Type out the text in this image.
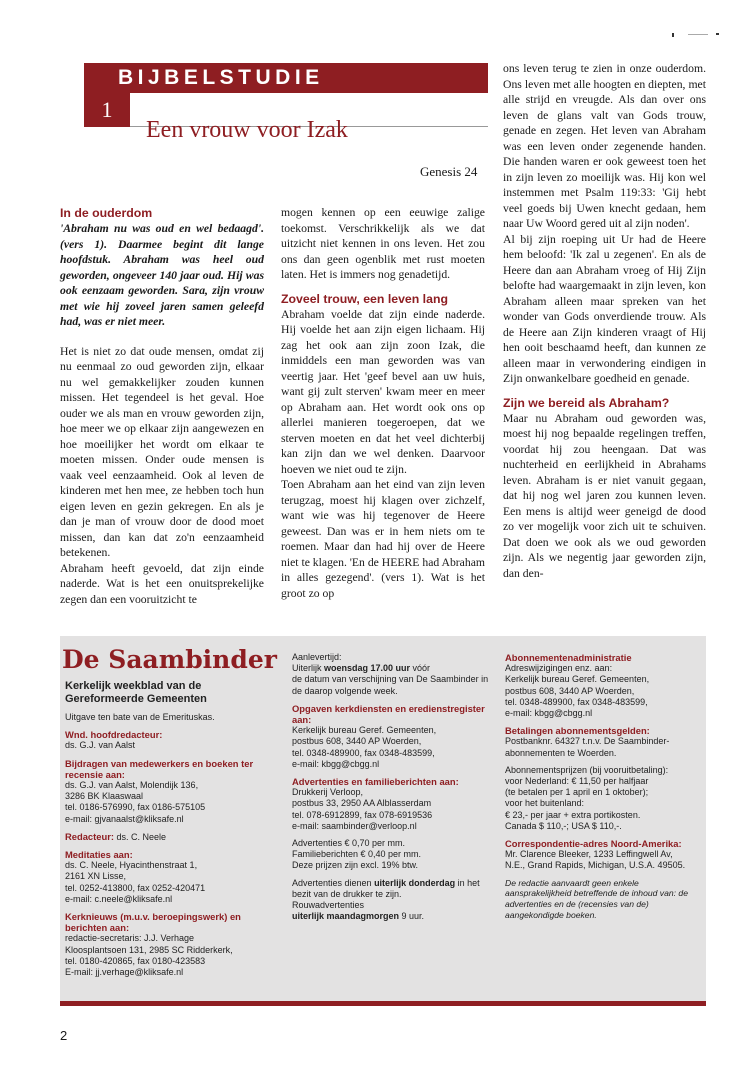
BIJBELSTUDIE
1
Een vrouw voor Izak
Genesis 24

In de ouderdom

'Abraham nu was oud en wel bedaagd'. (vers 1). Daarmee begint dit lange hoofdstuk. Abraham was heel oud geworden, ongeveer 140 jaar oud. Hij was ook eenzaam geworden. Sara, zijn vrouw met wie hij zoveel jaren samen geleefd had, was er niet meer.

Het is niet zo dat oude mensen, omdat zij nu eenmaal zo oud geworden zijn, elkaar nu wel gemakkelijker zouden kunnen missen. Het tegendeel is het geval. Hoe ouder we als man en vrouw geworden zijn, hoe meer we op elkaar zijn aangewezen en hoe moeilijker het wordt om elkaar te moeten missen. Onder oude mensen is vaak veel eenzaamheid. Ook al leven de kinderen met hen mee, ze hebben toch hun eigen leven en gezin gekregen. En als je dan je man of vrouw door de dood moet missen, dan kan dat zo'n eenzaamheid betekenen.

Abraham heeft gevoeld, dat zijn einde naderde. Wat is het een onuitsprekelijke zegen dan een vooruitzicht te

mogen kennen op een eeuwige zalige toekomst. Verschrikkelijk als we dat uitzicht niet kennen in ons leven. Het zou ons dan geen ogenblik met rust moeten laten. Het is immers nog genadetijd.

Zoveel trouw, een leven lang

Abraham voelde dat zijn einde naderde. Hij voelde het aan zijn eigen lichaam. Hij zag het ook aan zijn zoon Izak, die inmiddels een man geworden was van veertig jaar. Het 'geef bevel aan uw huis, want gij zult sterven' kwam meer en meer op Abraham aan. Het wordt ook ons op allerlei manieren toegeroepen, dat we sterven moeten en dat het veel dichterbij kan zijn dan we wel denken. Daarvoor hoeven we niet oud te zijn.

Toen Abraham aan het eind van zijn leven terugzag, moest hij klagen over zichzelf, want wie was hij tegenover de Heere geweest. Dan was er in hem niets om te roemen. Maar dan had hij over de Heere niet te klagen. 'En de HEERE had Abraham in alles gezegend'. (vers 1). Wat is het groot zo op

ons leven terug te zien in onze ouderdom. Ons leven met alle hoogten en diepten, met alle strijd en vreugde. Als dan over ons leven de glans valt van Gods trouw, genade en zegen. Het leven van Abraham was een leven onder zegenende handen. Die handen waren er ook geweest toen het in zijn leven zo moeilijk was. Hij kon wel instemmen met Psalm 119:33: 'Gij hebt veel goeds bij Uwen knecht gedaan, hem naar Uw Woord gered uit al zijn noden'.

Al bij zijn roeping uit Ur had de Heere hem beloofd: 'Ik zal u zegenen'. En als de Heere dan aan Abraham vroeg of Hij Zijn belofte had waargemaakt in zijn leven, kon Abraham alleen maar spreken van het wonder van Gods onverdiende trouw. Als de Heere aan Zijn kinderen vraagt of Hij hen ooit beschaamd heeft, dan kunnen ze alleen maar in verwondering eindigen in Zijn onwankelbare goedheid en genade.

Zijn we bereid als Abraham?

Maar nu Abraham oud geworden was, moest hij nog bepaalde regelingen treffen, voordat hij zou heengaan. Dat was nuchterheid en eerlijkheid in Abrahams leven. Abraham is er niet vanuit gegaan, dat hij nog wel jaren zou kunnen leven. Een mens is altijd weer geneigd de dood zo ver mogelijk voor zich uit te schuiven. Dat doen we ook als we oud geworden zijn. Als we negentig jaar geworden zijn, dan den-

De Saambinder

Kerkelijk weekblad van de Gereformeerde Gemeenten

Uitgave ten bate van de Emerituskas.

Wnd. hoofdredacteur:

ds. G.J. van Aalst

Bijdragen van medewerkers en boeken ter recensie aan:

ds. G.J. van Aalst, Molendijk 136,

3286 BK Klaaswaal

tel. 0186-576990, fax 0186-575105

e-mail: gjvanaalst@kliksafe.nl

Redacteur: ds. C. Neele

Meditaties aan:

ds. C. Neele, Hyacinthenstraat 1,

2161 XN Lisse,

tel. 0252-413800, fax 0252-420471

e-mail: c.neele@kliksafe.nl

Kerknieuws (m.u.v. beroepingswerk) en berichten aan:

redactie-secretaris: J.J. Verhage

Kloosplantsoen 131, 2985 SC Ridderkerk,

tel. 0180-420865, fax 0180-423583

E-mail: jj.verhage@kliksafe.nl

Aanlevertijd:

Uiterlijk woensdag 17.00 uur vóór

de datum van verschijning van De Saambinder in de daarop volgende week.

Opgaven kerkdiensten en eredienstregister aan:

Kerkelijk bureau Geref. Gemeenten,

postbus 608, 3440 AP Woerden,

tel. 0348-489900, fax 0348-483599,

e-mail: kbgg@cbgg.nl

Advertenties en familieberichten aan:

Drukkerij Verloop,

postbus 33, 2950 AA Alblasserdam

tel. 078-6912899, fax 078-6919536

e-mail: saambinder@verloop.nl

Advertenties € 0,70 per mm.

Familieberichten € 0,40 per mm.

Deze prijzen zijn excl. 19% btw.

Advertenties dienen uiterlijk donderdag in het bezit van de drukker te zijn.

Rouwadvertenties

uiterlijk maandagmorgen 9 uur.

Abonnementenadministratie

Adreswijzigingen enz. aan:

Kerkelijk bureau Geref. Gemeenten,

postbus 608, 3440 AP Woerden,

tel. 0348-489900, fax 0348-483599,

e-mail: kbgg@cbgg.nl

Betalingen abonnementsgelden:

Postbanknr. 64327 t.n.v. De Saambinder-

abonnementen te Woerden.

Abonnementsprijzen (bij vooruitbetaling):

voor Nederland: € 11,50 per halfjaar

(te betalen per 1 april en 1 oktober);

voor het buitenland:

€ 23,- per jaar + extra portikosten.

Canada $ 110,-; USA $ 110,-.

Correspondentie-adres Noord-Amerika:

Mr. Clarence Bleeker, 1233 Leffingwell Av,

N.E., Grand Rapids, Michigan, U.S.A. 49505.

De redactie aanvaardt geen enkele aansprakelijkheid betreffende de inhoud van: de advertenties en de (recensies van de) aangekondigde boeken.

2
